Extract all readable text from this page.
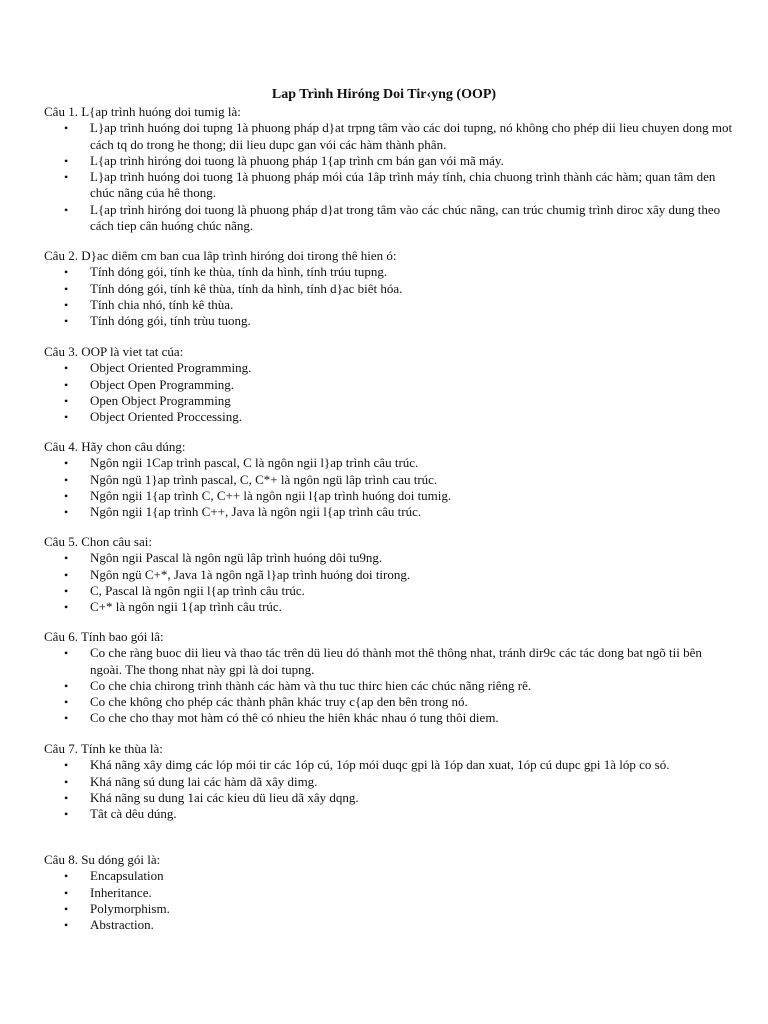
Lap Trình Hiróng Doi Tir‹yng (OOP)

Câu 1. L{ap trình huóng doi tumig là:

• L}ap trình huóng doi tupng 1à phuong pháp d}at trpng tâm vào các doi tupng, nó không cho phép dii lieu chuyen dong mot cách tq do trong he thong; dii lieu dupc gan vói các hàm thành phân.
• L{ap trình hiróng doi tuong là phuong pháp 1{ap trình cm bán gan vói mã máy.
• L}ap trình huóng doi tuong 1à phuong pháp mói cúa 1âp trình máy tính, chia chuong trình thành các hàm; quan tâm den chúc nãng cúa hê thong.
• L{ap trình hiróng doi tuong là phuong pháp d}at trong tâm vào các chúc nãng, can trúc chumig trình diroc xây dung theo cách tiep cân huóng chúc nãng.

Câu 2. D}ac diêm cm ban cua lâp trình hiróng doi tirong thê hien ó:

• Tính dóng gói, tính ke thùa, tính da hình, tính trúu tupng.
• Tính dóng gói, tính kê thùa, tính da hình, tính d}ac biêt hóa.
• Tính chia nhó, tính kê thùa.
• Tính dóng gói, tính trùu tuong.

Câu 3. OOP là viet tat cúa:

• Object Oriented Programming.
• Object Open Programming.
• Open Object Programming
• Object Oriented Proccessing.

Câu 4. Hãy chon câu dúng:

• Ngôn ngii 1Cap trình pascal, C là ngôn ngii l}ap trình câu trúc.
• Ngôn ngü 1}ap trình pascal, C, C*+ là ngôn ngü lâp trình cau trúc.
• Ngôn ngii 1{ap trình C, C++ là ngôn ngii l{ap trình huóng doi tumig.
• Ngôn ngii 1{ap trình C++, Java là ngôn ngii l{ap trình câu trúc.

Câu 5. Chon câu sai:

• Ngôn ngii Pascal là ngôn ngü lâp trình huóng dôi tu9ng.
• Ngôn ngü C+*, Java 1à ngôn ngã l}ap trình huóng doi tirong.
• C, Pascal là ngôn ngii l{ap trình câu trúc.
• C+* là ngôn ngii 1{ap trình câu trúc.

Câu 6. Tính bao gói lâ:

• Co che ràng buoc dii lieu và thao tác trên dü lieu dó thành mot thê thông nhat, tránh dir9c các tác dong bat ngõ tii bên ngoài. The thong nhat này gpi là doi tupng.
• Co che chia chirong trình thành các hàm và thu tuc thirc hien các chúc nãng riêng rê.
• Co che không cho phép các thành phân khác truy c{ap den bên trong nó.
• Co che cho thay mot hàm có thê có nhieu the hiên khác nhau ó tung thôi diem.

Câu 7. Tính ke thùa là:

• Khá nãng xây dimg các lóp mói tir các 1óp cú, 1óp mói duqc gpi là 1óp dan xuat, 1óp cú dupc gpi 1à lóp co só.
• Khá nãng sú dung lai các hàm dã xây dimg.
• Khá nãng su dung 1ai các kieu dü lieu dã xây dqng.
• Tât cà dêu dúng.

Câu 8. Su dóng gói là:

• Encapsulation
• Inheritance.
• Polymorphism.
• Abstraction.
